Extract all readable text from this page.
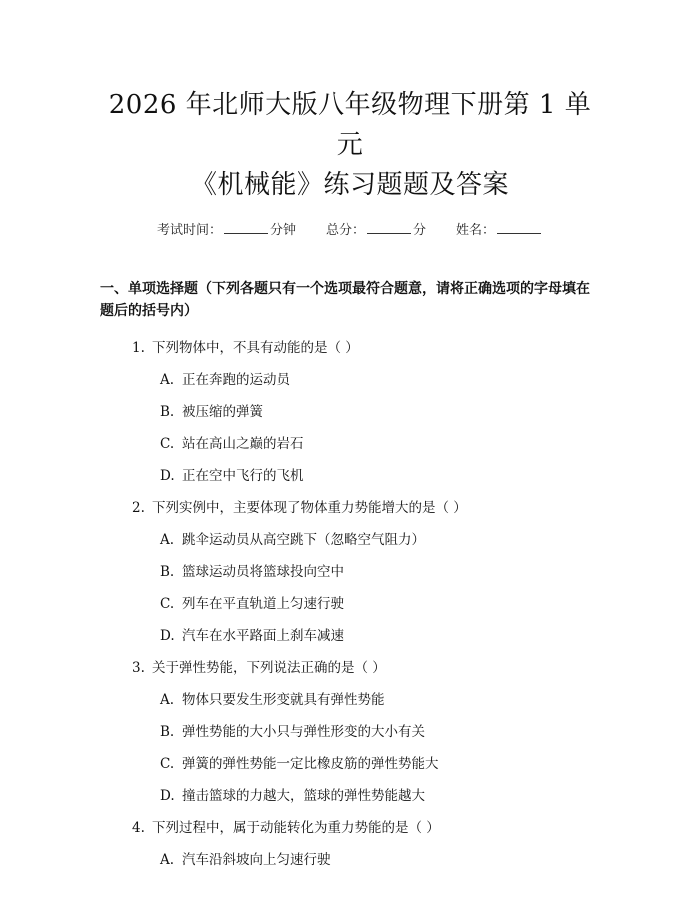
2026 年北师大版八年级物理下册第 1 单元
《机械能》练习题题及答案
考试时间：	分钟 总分：	分 姓名：
一、单项选择题（下列各题只有一个选项最符合题意，请将正确选项的字母填在题后的括号内）
1. 下列物体中，不具有动能的是（ ）
A. 正在奔跑的运动员
B. 被压缩的弹簧
C. 站在高山之巅的岩石
D. 正在空中飞行的飞机
2. 下列实例中，主要体现了物体重力势能增大的是（ ）
A. 跳伞运动员从高空跳下（忽略空气阻力）
B. 篮球运动员将篮球投向空中
C. 列车在平直轨道上匀速行驶
D. 汽车在水平路面上刹车减速
3. 关于弹性势能，下列说法正确的是（ ）
A. 物体只要发生形变就具有弹性势能
B. 弹性势能的大小只与弹性形变的大小有关
C. 弹簧的弹性势能一定比橡皮筋的弹性势能大
D. 撞击篮球的力越大，篮球的弹性势能越大
4. 下列过程中，属于动能转化为重力势能的是（ ）
A. 汽车沿斜坡向上匀速行驶
